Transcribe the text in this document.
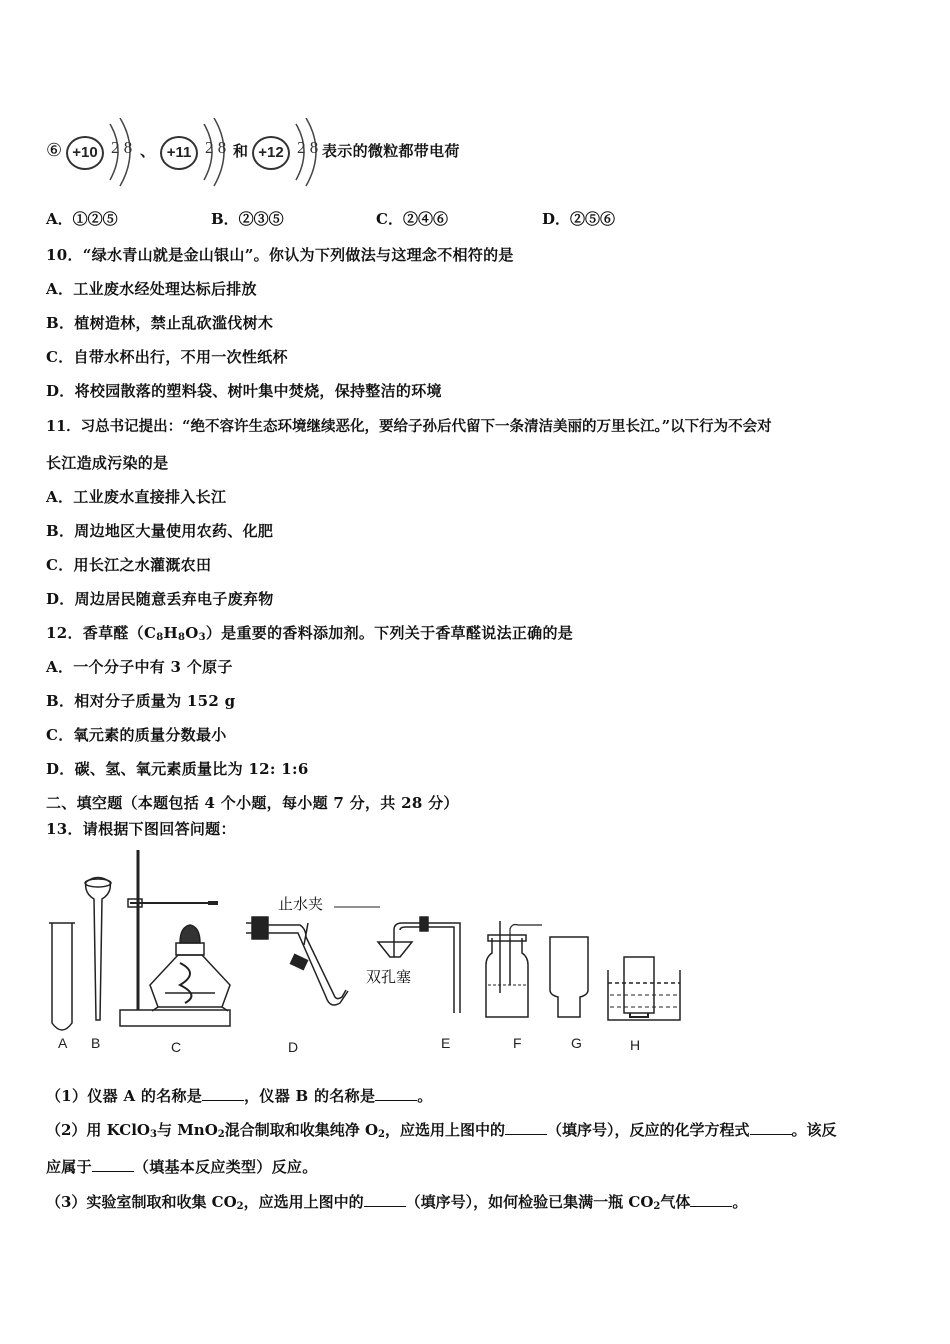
⑥ +10 2 8 、 +11 2 8 和 +12 2 8 表示的微粒都带电荷
A．①②⑤	B．②③⑤	C．②④⑥	D．②⑤⑥
10．“绿水青山就是金山银山”。你认为下列做法与这理念不相符的是
A．工业废水经处理达标后排放
B．植树造林，禁止乱砍滥伐树木
C．自带水杯出行，不用一次性纸杯
D．将校园散落的塑料袋、树叶集中焚烧，保持整洁的环境
11．习总书记提出：“绝不容许生态环境继续恶化，要给子孙后代留下一条清洁美丽的万里长江。”以下行为不会对
长江造成污染的是
A．工业废水直接排入长江
B．周边地区大量使用农药、化肥
C．用长江之水灌溉农田
D．周边居民随意丢弃电子废弃物
12．香草醛$(C_8H_8O_3)$是重要的香料添加剂。下列关于香草醛说法正确的是
A．一个分子中有 3 个原子
B．相对分子质量为 152 g
C．氧元素的质量分数最小
D．碳、氢、氧元素质量比为 12: 1:6
二、填空题（本题包括 4 个小题，每小题 7 分，共 28 分）
13．请根据下图回答问题：
止水夹
双孔塞
A B	C	D	E	F	G	H
（1）仪器 A 的名称是	，仪器 B 的名称是	。
（2）用 KClO$_3$与 MnO$_2$混合制取和收集纯净 $O_2$，应选用上图中的	（填序号），反应的化学方程式	。该反
应属于	（填基本反应类型）反应。
（3）实验室制取和收集 $CO_2$，应选用上图中的	（填序号），如何检验已集满一瓶 $CO_2$气体	。
